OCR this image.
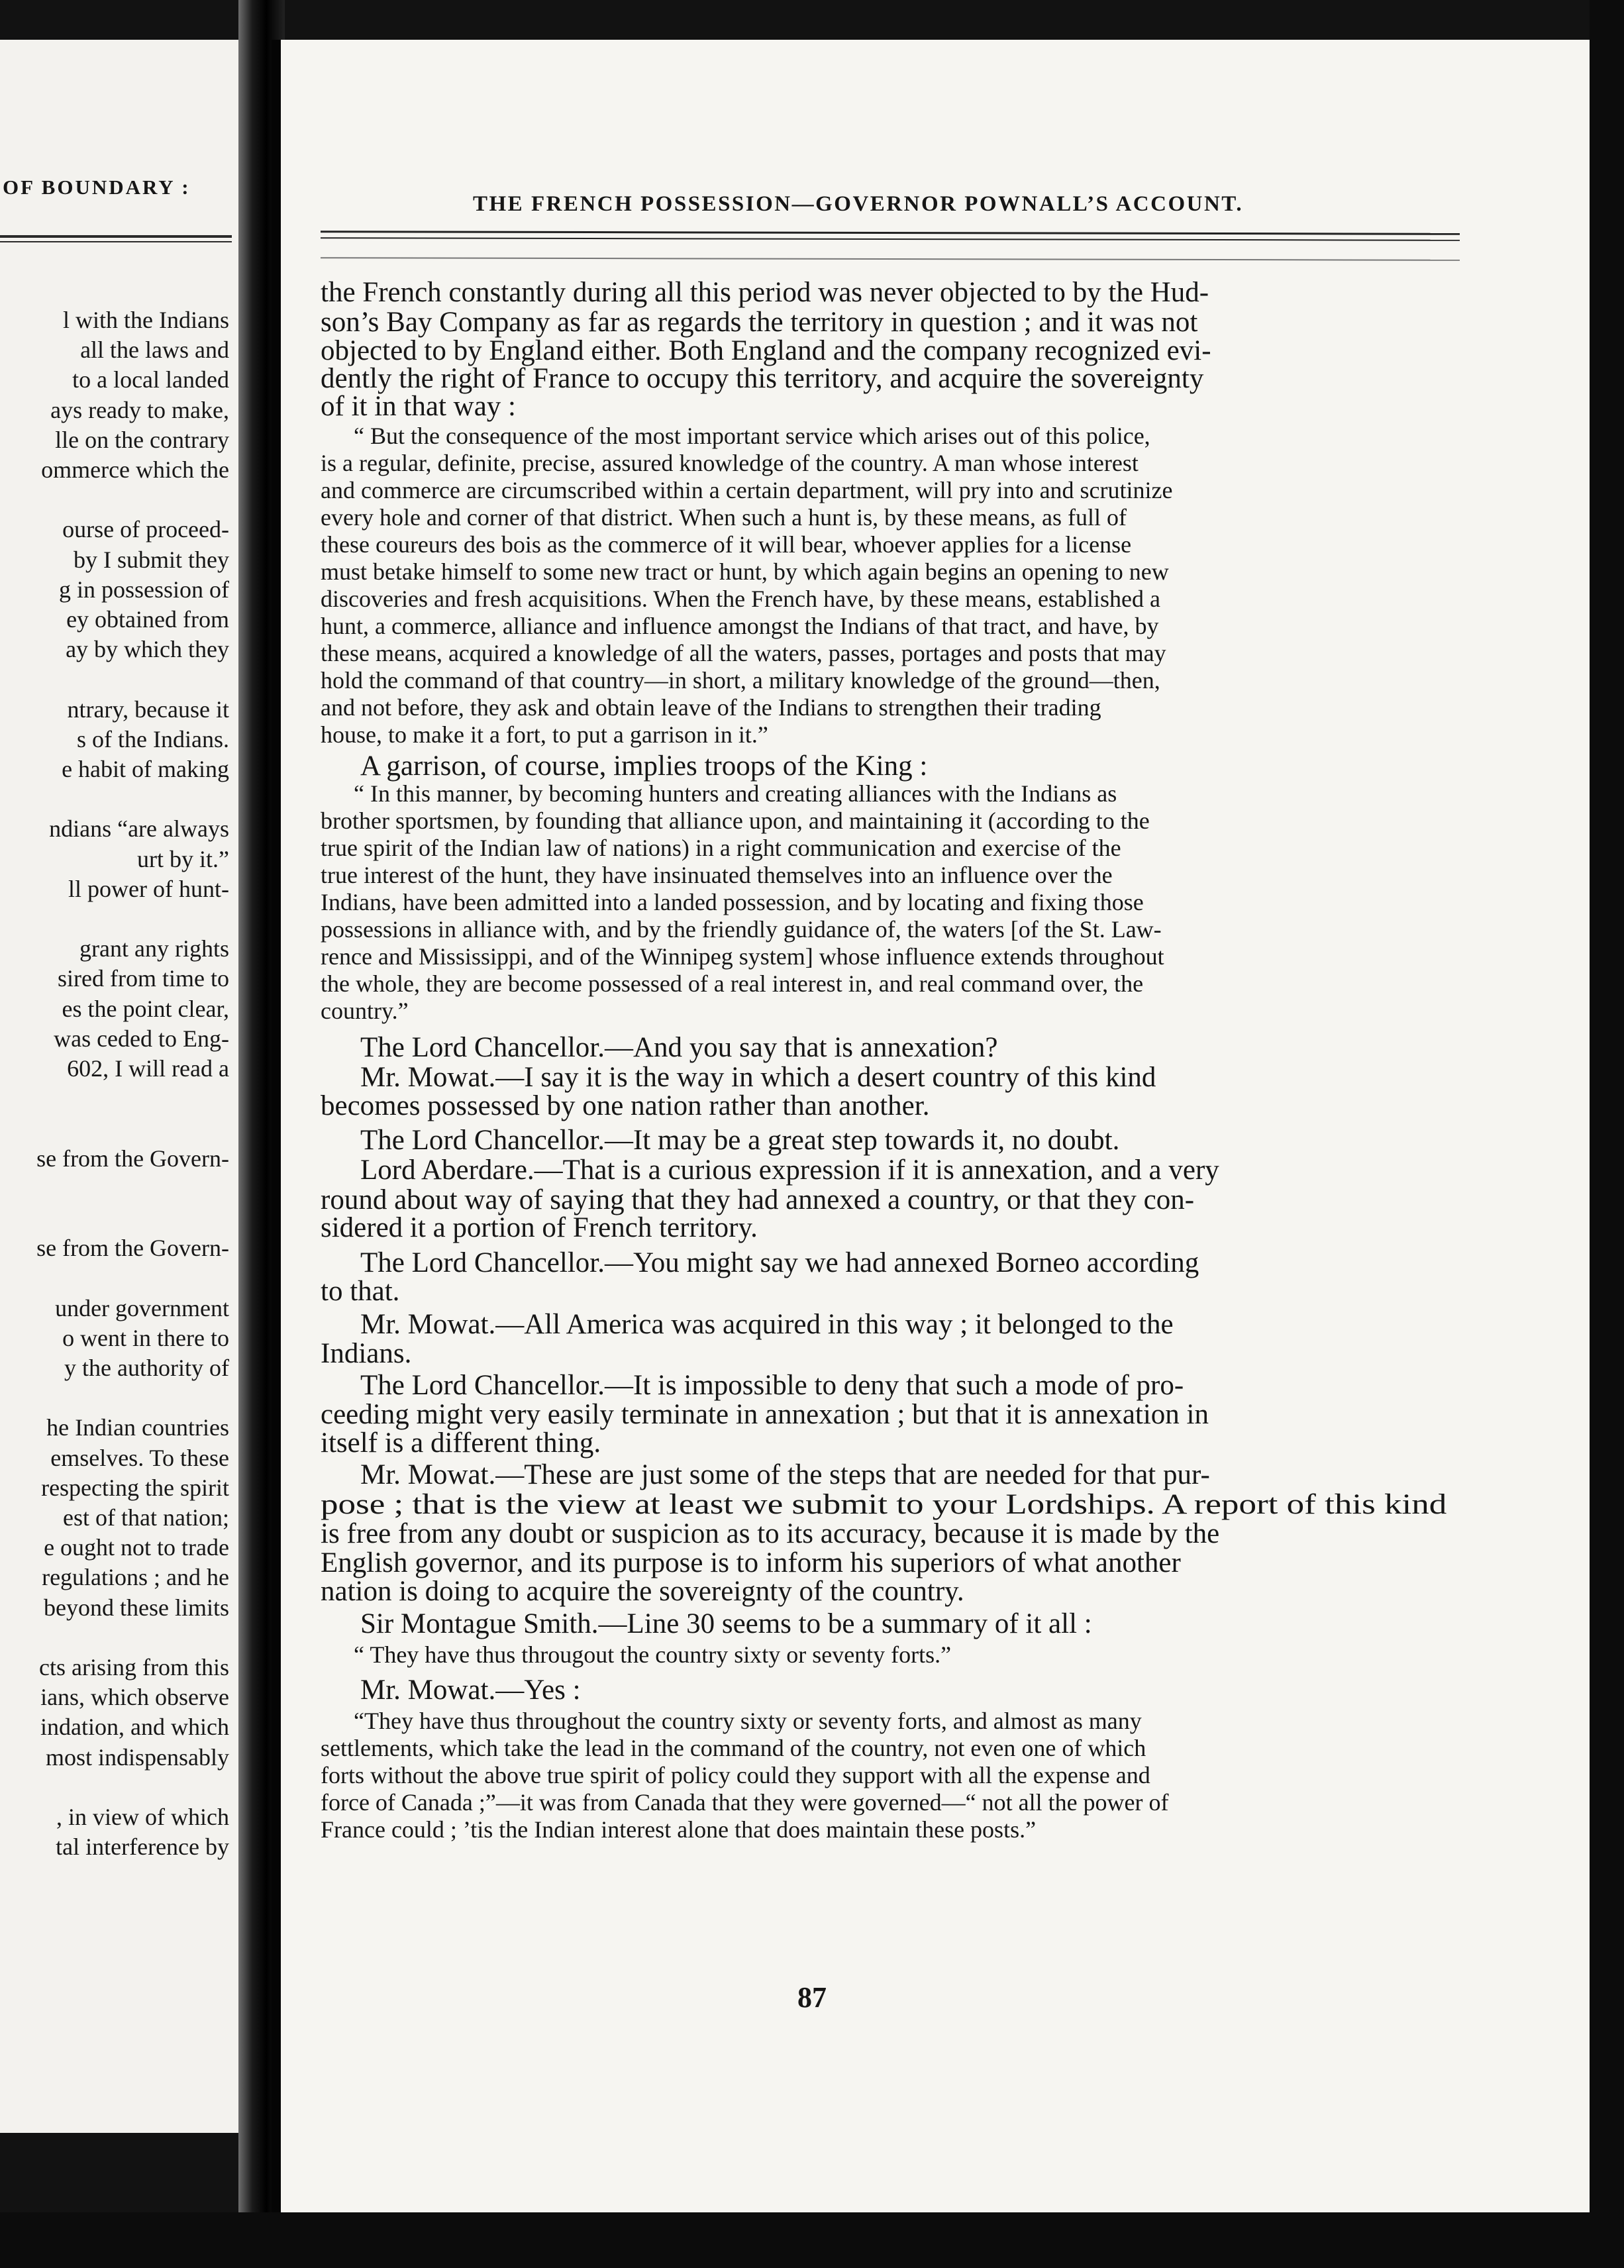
OF BOUNDARY :
l with the Indians
all the laws and
to a local landed
ays ready to make,
lle on the contrary
ommerce which the
ourse of proceed-
by I submit they
g in possession of
ey obtained from
ay by which they
ntrary, because it
s of the Indians.
e habit of making
ndians “are always
urt by it.”
ll power of hunt-
grant any rights
sired from time to
es the point clear,
was ceded to Eng-
602, I will read a
se from the Govern-
se from the Govern-
under government
o went in there to
y the authority of
he Indian countries
emselves. To these
respecting the spirit
est of that nation;
e ought not to trade
regulations ; and he
beyond these limits
cts arising from this
ians, which observe
indation, and which
most indispensably
, in view of which
tal interference by
THE FRENCH POSSESSION—GOVERNOR POWNALL’S ACCOUNT.
the French constantly during all this period was never objected to by the Hud-
son’s Bay Company as far as regards the territory in question ; and it was not
objected to by England either. Both England and the company recognized evi-
dently the right of France to occupy this territory, and acquire the sovereignty
of it in that way :
“ But the consequence of the most important service which arises out of this police,
is a regular, definite, precise, assured knowledge of the country. A man whose interest
and commerce are circumscribed within a certain department, will pry into and scrutinize
every hole and corner of that district. When such a hunt is, by these means, as full of
these coureurs des bois as the commerce of it will bear, whoever applies for a license
must betake himself to some new tract or hunt, by which again begins an opening to new
discoveries and fresh acquisitions. When the French have, by these means, established a
hunt, a commerce, alliance and influence amongst the Indians of that tract, and have, by
these means, acquired a knowledge of all the waters, passes, portages and posts that may
hold the command of that country—in short, a military knowledge of the ground—then,
and not before, they ask and obtain leave of the Indians to strengthen their trading
house, to make it a fort, to put a garrison in it.”
A garrison, of course, implies troops of the King :
“ In this manner, by becoming hunters and creating alliances with the Indians as
brother sportsmen, by founding that alliance upon, and maintaining it (according to the
true spirit of the Indian law of nations) in a right communication and exercise of the
true interest of the hunt, they have insinuated themselves into an influence over the
Indians, have been admitted into a landed possession, and by locating and fixing those
possessions in alliance with, and by the friendly guidance of, the waters [of the St. Law-
rence and Mississippi, and of the Winnipeg system] whose influence extends throughout
the whole, they are become possessed of a real interest in, and real command over, the
country.”
The Lord Chancellor.—And you say that is annexation?
Mr. Mowat.—I say it is the way in which a desert country of this kind
becomes possessed by one nation rather than another.
The Lord Chancellor.—It may be a great step towards it, no doubt.
Lord Aberdare.—That is a curious expression if it is annexation, and a very
round about way of saying that they had annexed a country, or that they con-
sidered it a portion of French territory.
The Lord Chancellor.—You might say we had annexed Borneo according
to that.
Mr. Mowat.—All America was acquired in this way ; it belonged to the
Indians.
The Lord Chancellor.—It is impossible to deny that such a mode of pro-
ceeding might very easily terminate in annexation ; but that it is annexation in
itself is a different thing.
Mr. Mowat.—These are just some of the steps that are needed for that pur-
pose ; that is the view at least we submit to your Lordships. A report of this kind
is free from any doubt or suspicion as to its accuracy, because it is made by the
English governor, and its purpose is to inform his superiors of what another
nation is doing to acquire the sovereignty of the country.
Sir Montague Smith.—Line 30 seems to be a summary of it all :
“ They have thus througout the country sixty or seventy forts.”
Mr. Mowat.—Yes :
“They have thus throughout the country sixty or seventy forts, and almost as many
settlements, which take the lead in the command of the country, not even one of which
forts without the above true spirit of policy could they support with all the expense and
force of Canada ;”—it was from Canada that they were governed—“ not all the power of
France could ; ’tis the Indian interest alone that does maintain these posts.”
87
